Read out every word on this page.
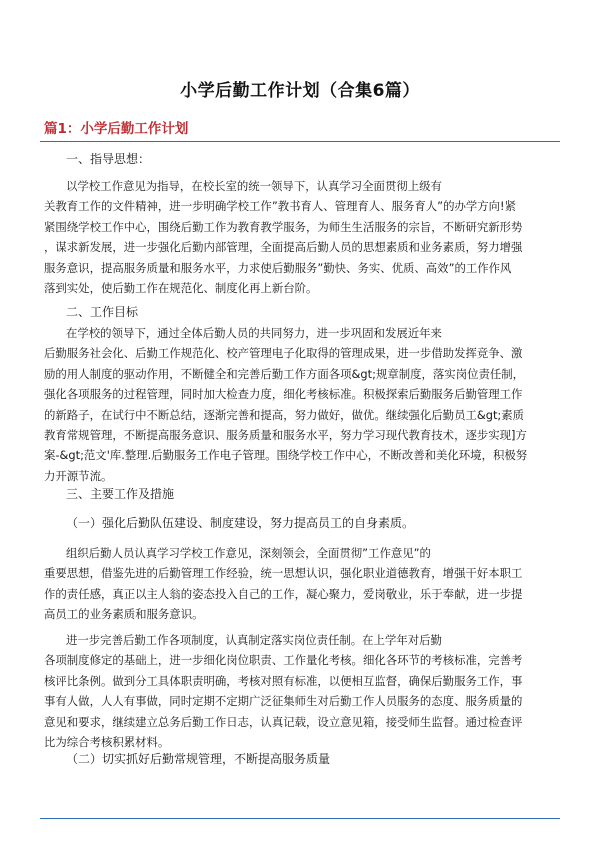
小学后勤工作计划（合集6篇）
篇1：小学后勤工作计划
一、指导思想：
以学校工作意见为指导，在校长室的统一领导下，认真学习全面贯彻上级有
关教育工作的文件精神，进一步明确学校工作”教书育人、管理育人、服务育人”的办学方向!紧
紧围绕学校工作中心，围绕后勤工作为教育教学服务，为师生生活服务的宗旨，不断研究新形势
，谋求新发展，进一步强化后勤内部管理，全面提高后勤人员的思想素质和业务素质，努力增强
服务意识，提高服务质量和服务水平，力求使后勤服务”勤快、务实、优质、高效”的工作作风
落到实处，使后勤工作在规范化、制度化再上新台阶。
二、工作目标
在学校的领导下，通过全体后勤人员的共同努力，进一步巩固和发展近年来
后勤服务社会化、后勤工作规范化、校产管理电子化取得的管理成果，进一步借助发挥竞争、激
励的用人制度的驱动作用，不断健全和完善后勤工作方面各项&gt;规章制度，落实岗位责任制，
强化各项服务的过程管理，同时加大检查力度，细化考核标准。积极探索后勤服务后勤管理工作
的新路子，在试行中不断总结，逐渐完善和提高，努力做好，做优。继续强化后勤员工&gt;素质
教育常规管理，不断提高服务意识、服务质量和服务水平，努力学习现代教育技术，逐步实现]方
案-&gt;范文'库.整理.后勤服务工作电子管理。围绕学校工作中心，不断改善和美化环境，积极努
力开源节流。
三、主要工作及措施
（一）强化后勤队伍建设、制度建设，努力提高员工的自身素质。
组织后勤人员认真学习学校工作意见，深刻领会，全面贯彻”工作意见”的
重要思想，借鉴先进的后勤管理工作经验，统一思想认识，强化职业道德教育，增强干好本职工
作的责任感，真正以主人翁的姿态投入自己的工作，凝心聚力，爱岗敬业，乐于奉献，进一步提
高员工的业务素质和服务意识。
进一步完善后勤工作各项制度，认真制定落实岗位责任制。在上学年对后勤
各项制度修定的基础上，进一步细化岗位职责、工作量化考核。细化各环节的考核标准，完善考
核评比条例。做到分工具体职责明确，考核对照有标准，以便相互监督，确保后勤服务工作，事
事有人做，人人有事做，同时定期不定期广泛征集师生对后勤工作人员服务的态度、服务质量的
意见和要求，继续建立总务后勤工作日志，认真记载，设立意见箱，接受师生监督。通过检查评
比为综合考核积累材料。
（二）切实抓好后勤常规管理，不断提高服务质量
